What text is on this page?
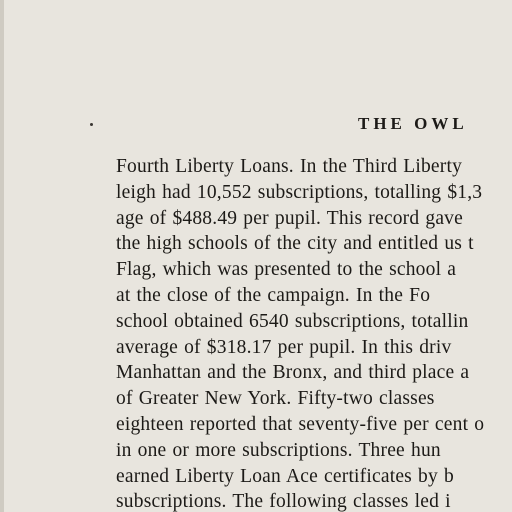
THE OWL
Fourth Liberty Loans. In the Third Liberty
leigh had 10,552 subscriptions, totalling $1,3
age of $488.49 per pupil. This record gave
the high schools of the city and entitled us t
Flag, which was presented to the school a
at the close of the campaign. In the Fo
school obtained 6540 subscriptions, totallin
average of $318.17 per pupil. In this driv
Manhattan and the Bronx, and third place a
of Greater New York. Fifty-two classes
eighteen reported that seventy-five per cent o
in one or more subscriptions. Three hun
earned Liberty Loan Ace certificates by b
subscriptions. The following classes led i
